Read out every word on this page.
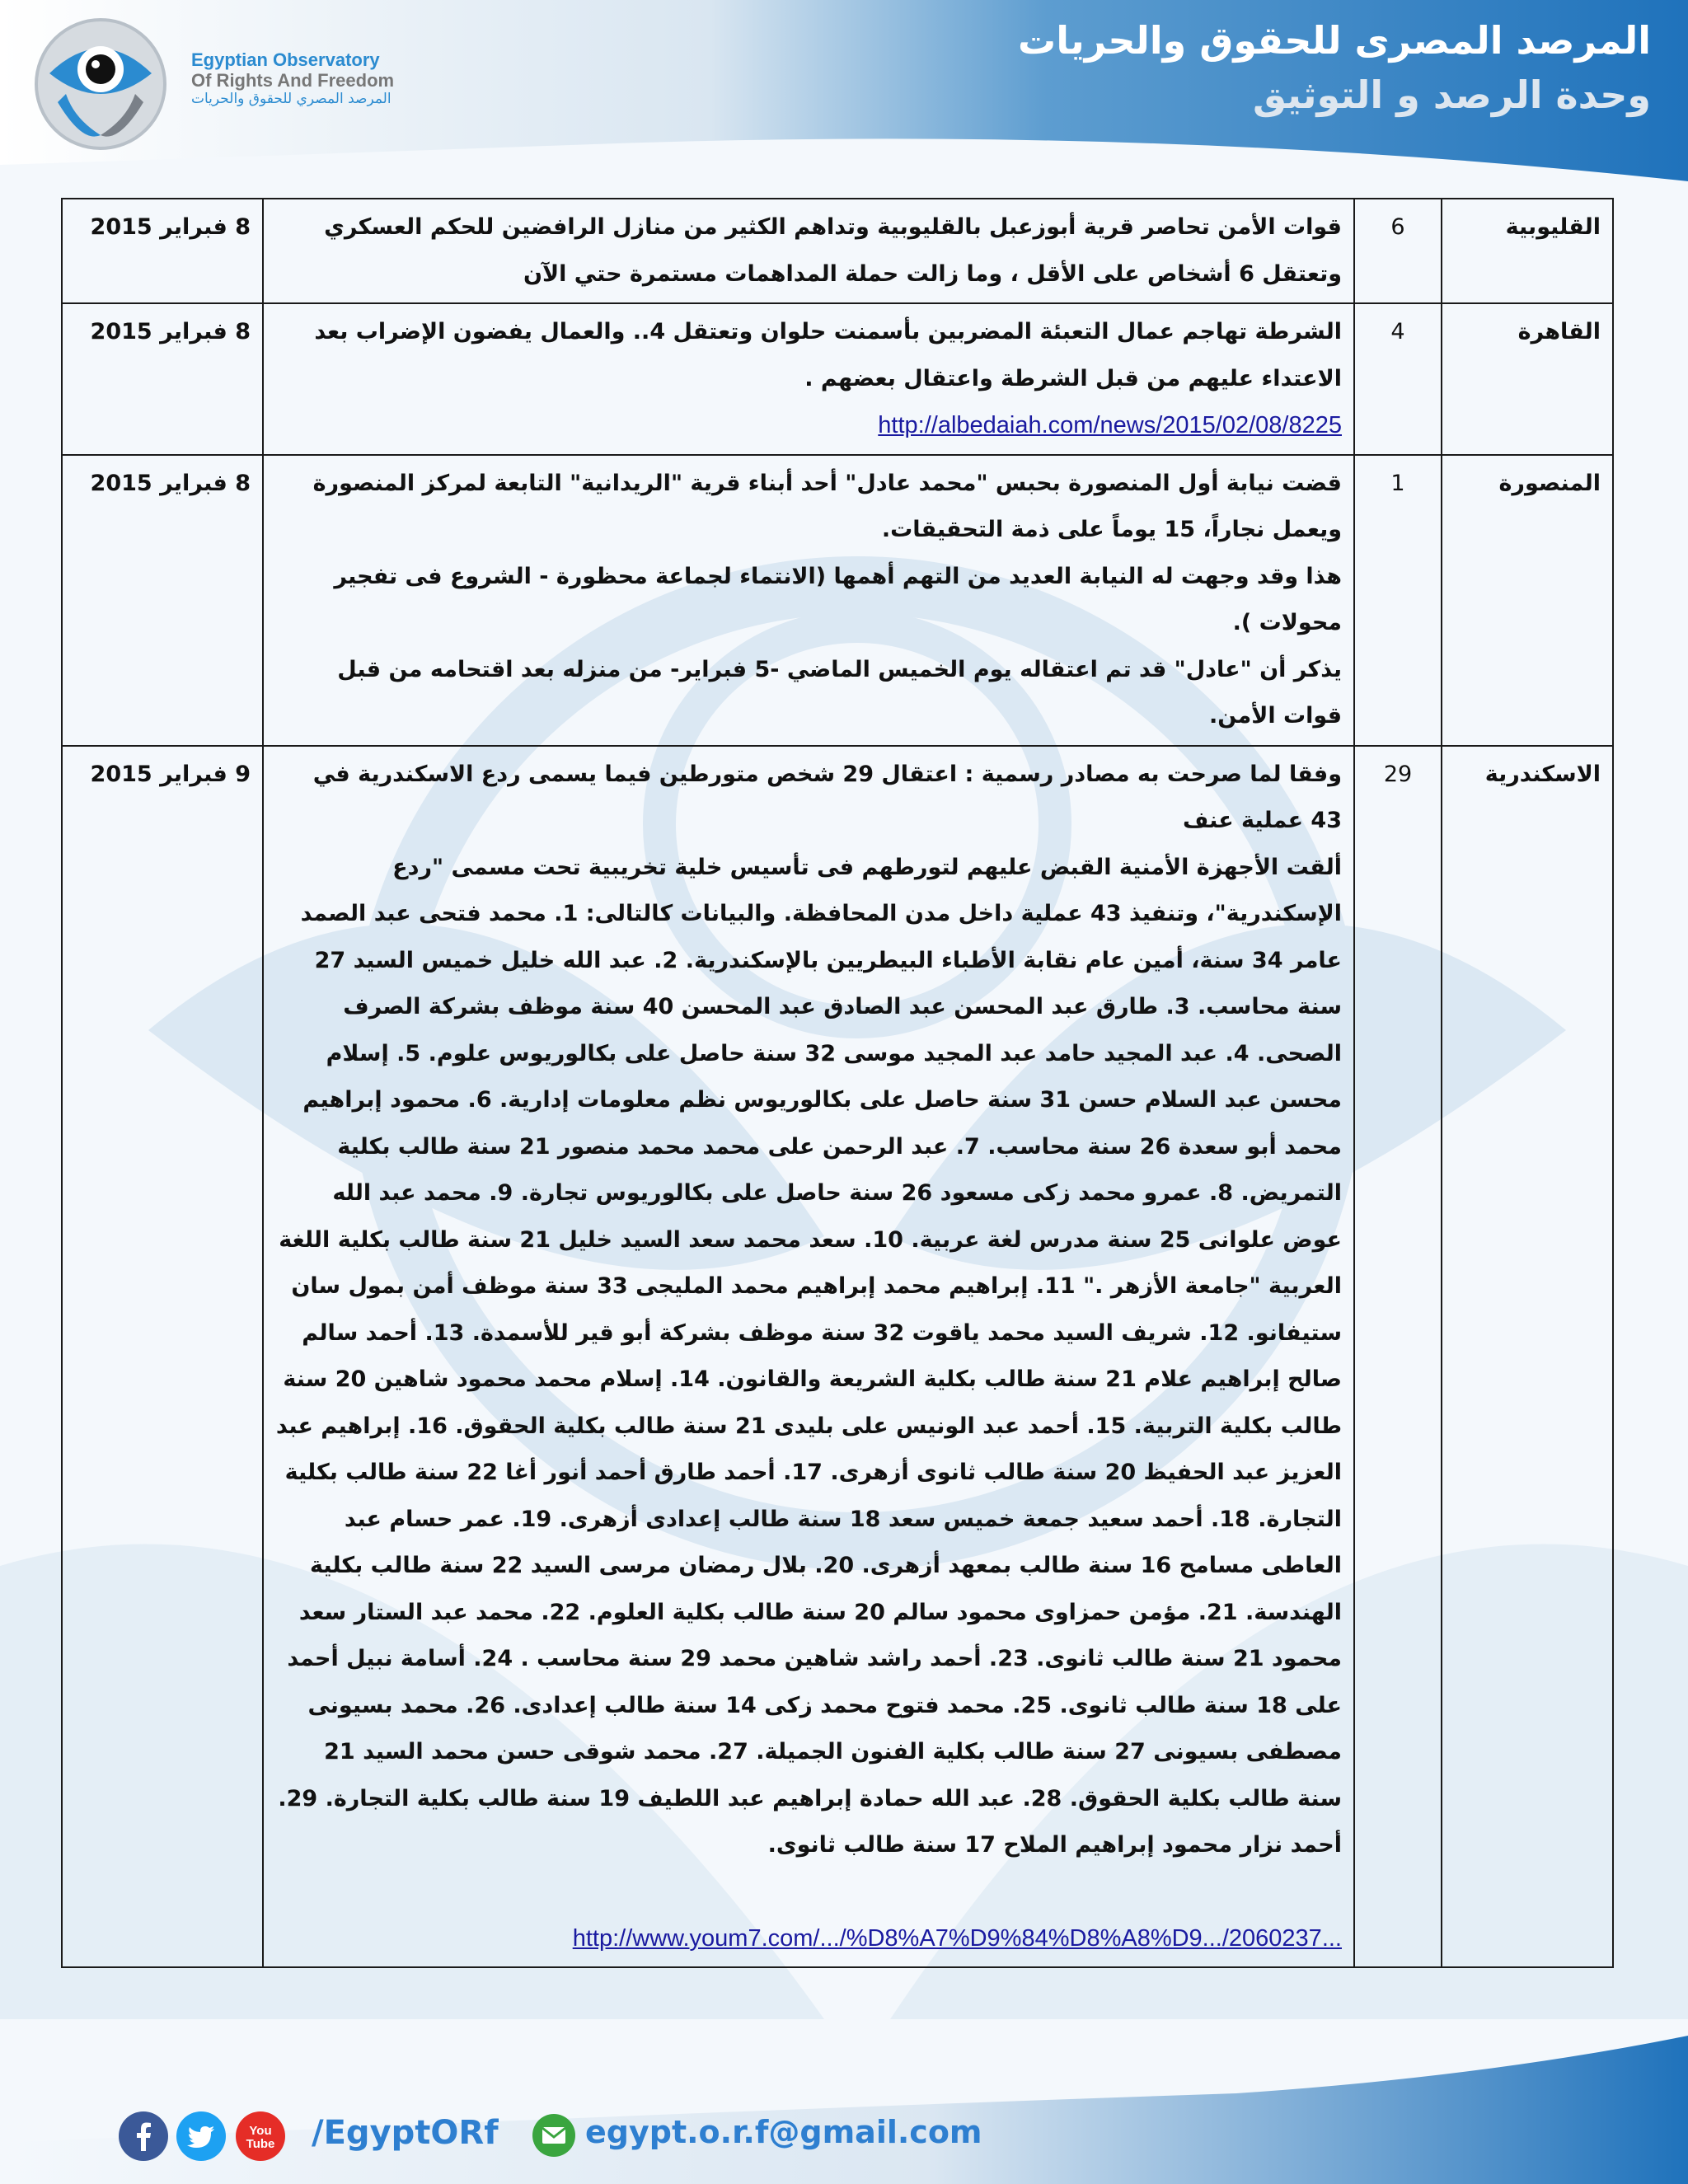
Egyptian Observatory
Of Rights And Freedom
المرصد المصري للحقوق والحريات
المرصد المصرى للحقوق والحريات
وحدة الرصد و التوثيق
القليوبية	6	قوات الأمن تحاصر قرية أبوزعبل بالقليوبية وتداهم الكثير من منازل الرافضين للحكم العسكري وتعتقل 6 أشخاص على الأقل ، وما زالت حملة المداهمات مستمرة حتي الآن	8 فبراير 2015
القاهرة	4	الشرطة تهاجم عمال التعبئة المضربين بأسمنت حلوان وتعتقل 4.. والعمال يفضون الإضراب بعد الاعتداء عليهم من قبل الشرطة واعتقال بعضهم .
http://albedaiah.com/news/2015/02/08/8225	8 فبراير 2015
المنصورة	1	قضت نيابة أول المنصورة بحبس "محمد عادل" أحد أبناء قرية "الريدانية" التابعة لمركز المنصورة ويعمل نجاراً، 15 يوماً على ذمة التحقيقات.
هذا وقد وجهت له النيابة العديد من التهم أهمها (الانتماء لجماعة محظورة - الشروع فى تفجير محولات ).
يذكر أن "عادل" قد تم اعتقاله يوم الخميس الماضي -5 فبراير- من منزله بعد اقتحامه من قبل قوات الأمن.	8 فبراير 2015
الاسكندرية	29	وفقا لما صرحت به مصادر رسمية : اعتقال 29 شخص متورطين فيما يسمى ردع الاسكندرية في 43 عملية عنف
ألقت الأجهزة الأمنية القبض عليهم لتورطهم فى تأسيس خلية تخريبية تحت مسمى "ردع الإسكندرية"، وتنفيذ 43 عملية داخل مدن المحافظة. والبيانات كالتالى: 1. محمد فتحى عبد الصمد عامر 34 سنة، أمين عام نقابة الأطباء البيطريين بالإسكندرية. 2. عبد الله خليل خميس السيد 27 سنة محاسب. 3. طارق عبد المحسن عبد الصادق عبد المحسن 40 سنة موظف بشركة الصرف الصحى. 4. عبد المجيد حامد عبد المجيد موسى 32 سنة حاصل على بكالوريوس علوم. 5. إسلام محسن عبد السلام حسن 31 سنة حاصل على بكالوريوس نظم معلومات إدارية. 6. محمود إبراهيم محمد أبو سعدة 26 سنة محاسب. 7. عبد الرحمن على محمد محمد منصور 21 سنة طالب بكلية التمريض. 8. عمرو محمد زكى مسعود 26 سنة حاصل على بكالوريوس تجارة. 9. محمد عبد الله عوض علوانى 25 سنة مدرس لغة عربية. 10. سعد محمد سعد السيد خليل 21 سنة طالب بكلية اللغة العربية "جامعة الأزهر ." 11. إبراهيم محمد إبراهيم محمد المليجى 33 سنة موظف أمن بمول سان ستيفانو. 12. شريف السيد محمد ياقوت 32 سنة موظف بشركة أبو قير للأسمدة. 13. أحمد سالم صالح إبراهيم علام 21 سنة طالب بكلية الشريعة والقانون. 14. إسلام محمد محمود شاهين 20 سنة طالب بكلية التربية. 15. أحمد عبد الونيس على بليدى 21 سنة طالب بكلية الحقوق. 16. إبراهيم عبد العزيز عبد الحفيظ 20 سنة طالب ثانوى أزهرى. 17. أحمد طارق أحمد أنور أغا 22 سنة طالب بكلية التجارة. 18. أحمد سعيد جمعة خميس سعد 18 سنة طالب إعدادى أزهرى. 19. عمر حسام عبد العاطى مسامح 16 سنة طالب بمعهد أزهرى. 20. بلال رمضان مرسى السيد 22 سنة طالب بكلية الهندسة. 21. مؤمن حمزاوى محمود سالم 20 سنة طالب بكلية العلوم. 22. محمد عبد الستار سعد محمود 21 سنة طالب ثانوى. 23. أحمد راشد شاهين محمد 29 سنة محاسب . 24. أسامة نبيل أحمد على 18 سنة طالب ثانوى. 25. محمد فتوح محمد زكى 14 سنة طالب إعدادى. 26. محمد بسيونى مصطفى بسيونى 27 سنة طالب بكلية الفنون الجميلة. 27. محمد شوقى حسن محمد السيد 21 سنة طالب بكلية الحقوق. 28. عبد الله حمادة إبراهيم عبد اللطيف 19 سنة طالب بكلية التجارة. 29. أحمد نزار محمود إبراهيم الملاح 17 سنة طالب ثانوى.
http://www.youm7.com/.../%D8%A7%D9%84%D8%A8%D9.../2060237...	9 فبراير 2015
You
Tube /EgyptORf	egypt.o.r.f@gmail.com
